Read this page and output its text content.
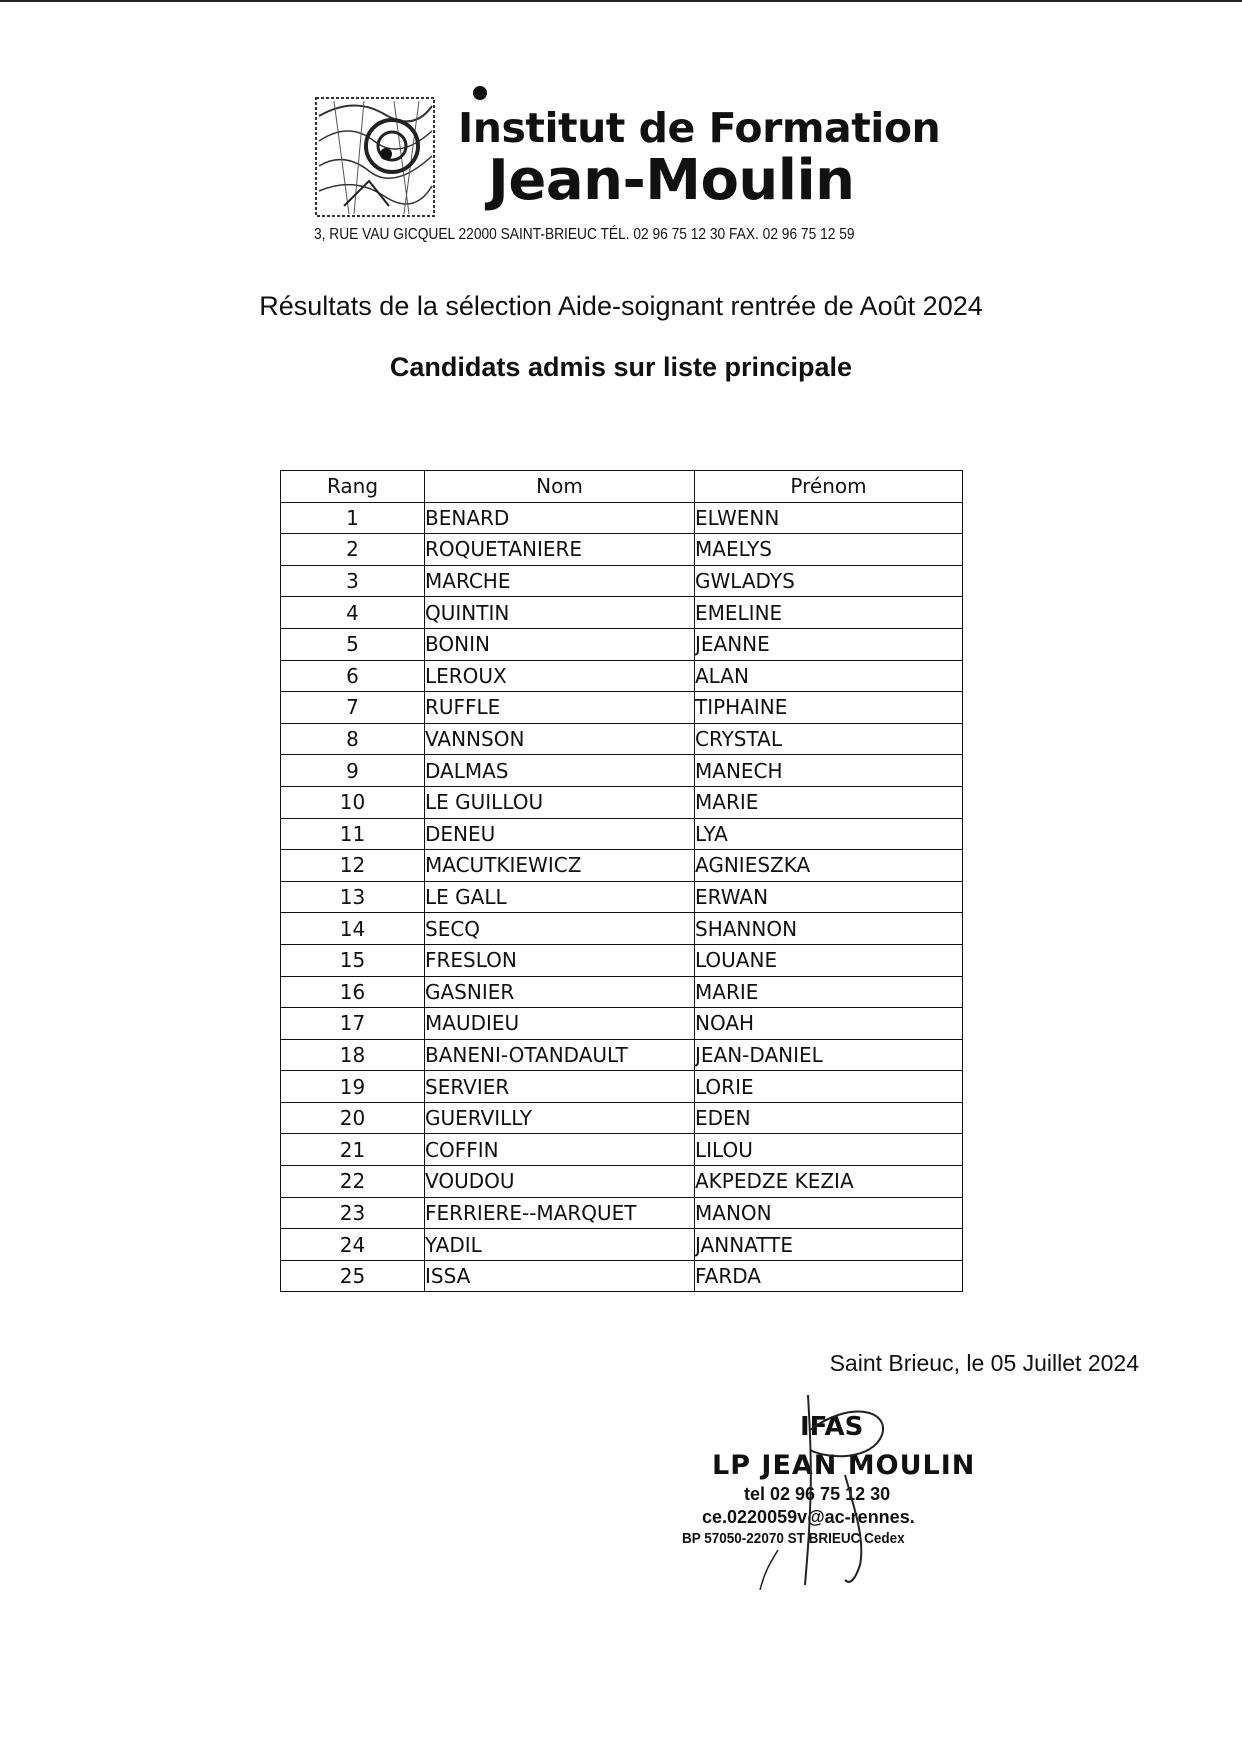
Institut de Formation
Jean-Moulin
3, RUE VAU GICQUEL 22000 SAINT-BRIEUC TÉL. 02 96 75 12 30 FAX. 02 96 75 12 59
Résultats de la sélection Aide-soignant rentrée de Août 2024
Candidats admis sur liste principale
Rang	Nom	Prénom
1	BENARD	ELWENN
2	ROQUETANIERE	MAELYS
3	MARCHE	GWLADYS
4	QUINTIN	EMELINE
5	BONIN	JEANNE
6	LEROUX	ALAN
7	RUFFLE	TIPHAINE
8	VANNSON	CRYSTAL
9	DALMAS	MANECH
10	LE GUILLOU	MARIE
11	DENEU	LYA
12	MACUTKIEWICZ	AGNIESZKA
13	LE GALL	ERWAN
14	SECQ	SHANNON
15	FRESLON	LOUANE
16	GASNIER	MARIE
17	MAUDIEU	NOAH
18	BANENI-OTANDAULT	JEAN-DANIEL
19	SERVIER	LORIE
20	GUERVILLY	EDEN
21	COFFIN	LILOU
22	VOUDOU	AKPEDZE KEZIA
23	FERRIERE--MARQUET	MANON
24	YADIL	JANNATTE
25	ISSA	FARDA
Saint Brieuc, le 05 Juillet 2024
IFAS
LP JEAN MOULIN
tel 02 96 75 12 30
ce.0220059v@ac-rennes.
BP 57050-22070 ST BRIEUC Cedex
